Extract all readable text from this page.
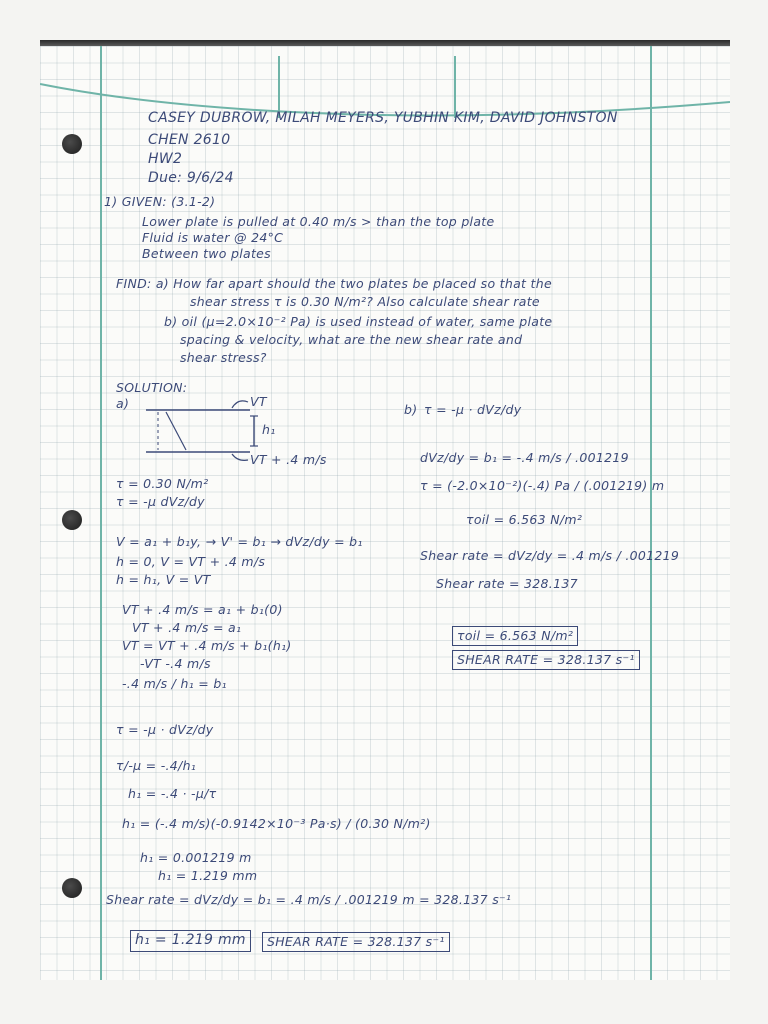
CASEY DUBROW, MILAH MEYERS, YUBHIN KIM, DAVID JOHNSTON
CHEN 2610
HW2
Due: 9/6/24
1) GIVEN: (3.1-2)
Lower plate is pulled at 0.40 m/s > than the top plate
Fluid is water @ 24°C
Between two plates
FIND: a) How far apart should the two plates be placed so that the
shear stress τ is 0.30 N/m²? Also calculate shear rate
b) oil (μ=2.0×10⁻² Pa) is used instead of water, same plate
spacing & velocity, what are the new shear rate and
shear stress?
SOLUTION:
a)	VT
h₁
VT + .4 m/s
τ = 0.30 N/m²
τ = -μ dVz/dy
V = a₁ + b₁y, → V' = b₁ → dVz/dy = b₁
h = 0, V = VT + .4 m/s
h = h₁, V = VT
VT + .4 m/s = a₁ + b₁(0)
VT + .4 m/s = a₁
VT = VT + .4 m/s + b₁(h₁)
-VT -.4 m/s
-.4 m/s / h₁ = b₁
τ = -μ · dVz/dy
τ/-μ = -.4/h₁
h₁ = -.4 · -μ/τ
h₁ = (-.4 m/s)(-0.9142×10⁻³ Pa·s) / (0.30 N/m²)
h₁ = 0.001219 m
h₁ = 1.219 mm
Shear rate = dVz/dy = b₁ = .4 m/s / .001219 m = 328.137 s⁻¹
h₁ = 1.219 mm	SHEAR RATE = 328.137 s⁻¹
b) τ = -μ · dVz/dy
dVz/dy = b₁ = -.4 m/s / .001219
τ = (-2.0×10⁻²)(-.4) Pa / (.001219) m
τoil = 6.563 N/m²
Shear rate = dVz/dy = .4 m/s / .001219
Shear rate = 328.137
τoil = 6.563 N/m²
SHEAR RATE = 328.137 s⁻¹
